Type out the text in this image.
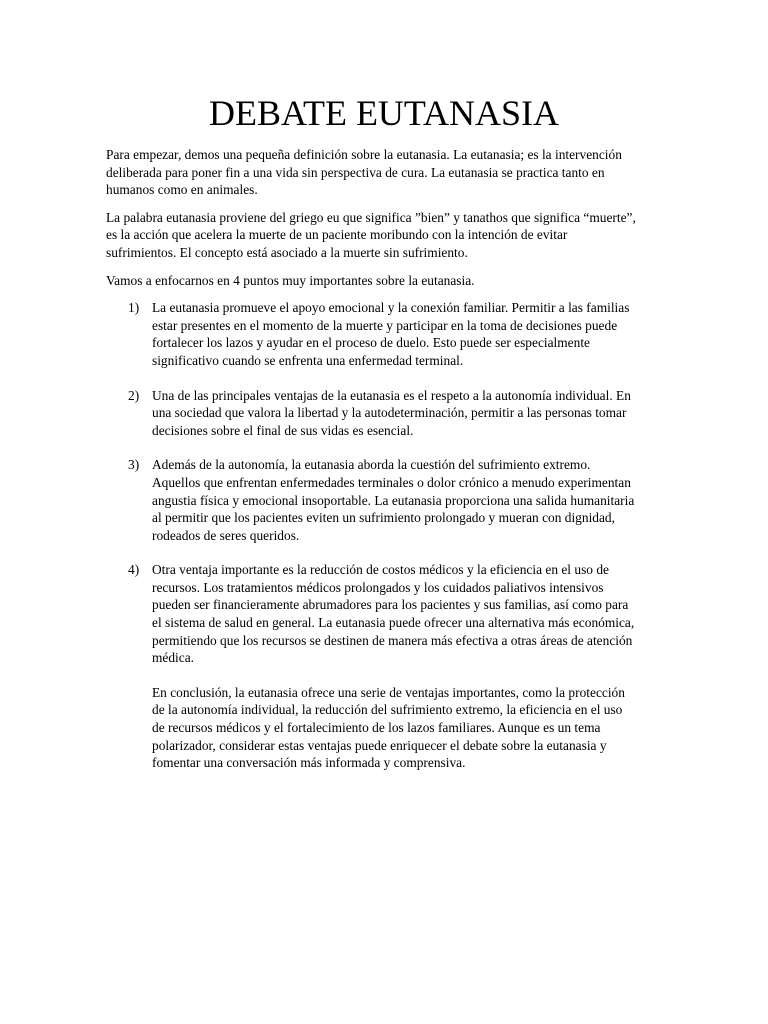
DEBATE EUTANASIA

Para empezar, demos una pequeña definición sobre la eutanasia. La eutanasia; es la intervención deliberada para poner fin a una vida sin perspectiva de cura. La eutanasia se practica tanto en humanos como en animales.

La palabra eutanasia proviene del griego eu que significa ”bien” y tanathos que significa “muerte”, es la acción que acelera la muerte de un paciente moribundo con la intención de evitar sufrimientos. El concepto está asociado a la muerte sin sufrimiento.

Vamos a enfocarnos en 4 puntos muy importantes sobre la eutanasia.

1) La eutanasia promueve el apoyo emocional y la conexión familiar. Permitir a las familias estar presentes en el momento de la muerte y participar en la toma de decisiones puede fortalecer los lazos y ayudar en el proceso de duelo. Esto puede ser especialmente significativo cuando se enfrenta una enfermedad terminal.
2) Una de las principales ventajas de la eutanasia es el respeto a la autonomía individual. En una sociedad que valora la libertad y la autodeterminación, permitir a las personas tomar decisiones sobre el final de sus vidas es esencial.
3) Además de la autonomía, la eutanasia aborda la cuestión del sufrimiento extremo. Aquellos que enfrentan enfermedades terminales o dolor crónico a menudo experimentan angustia física y emocional insoportable. La eutanasia proporciona una salida humanitaria al permitir que los pacientes eviten un sufrimiento prolongado y mueran con dignidad, rodeados de seres queridos.
4) Otra ventaja importante es la reducción de costos médicos y la eficiencia en el uso de recursos. Los tratamientos médicos prolongados y los cuidados paliativos intensivos pueden ser financieramente abrumadores para los pacientes y sus familias, así como para el sistema de salud en general. La eutanasia puede ofrecer una alternativa más económica, permitiendo que los recursos se destinen de manera más efectiva a otras áreas de atención médica.

En conclusión, la eutanasia ofrece una serie de ventajas importantes, como la protección de la autonomía individual, la reducción del sufrimiento extremo, la eficiencia en el uso de recursos médicos y el fortalecimiento de los lazos familiares. Aunque es un tema polarizador, considerar estas ventajas puede enriquecer el debate sobre la eutanasia y fomentar una conversación más informada y comprensiva.
